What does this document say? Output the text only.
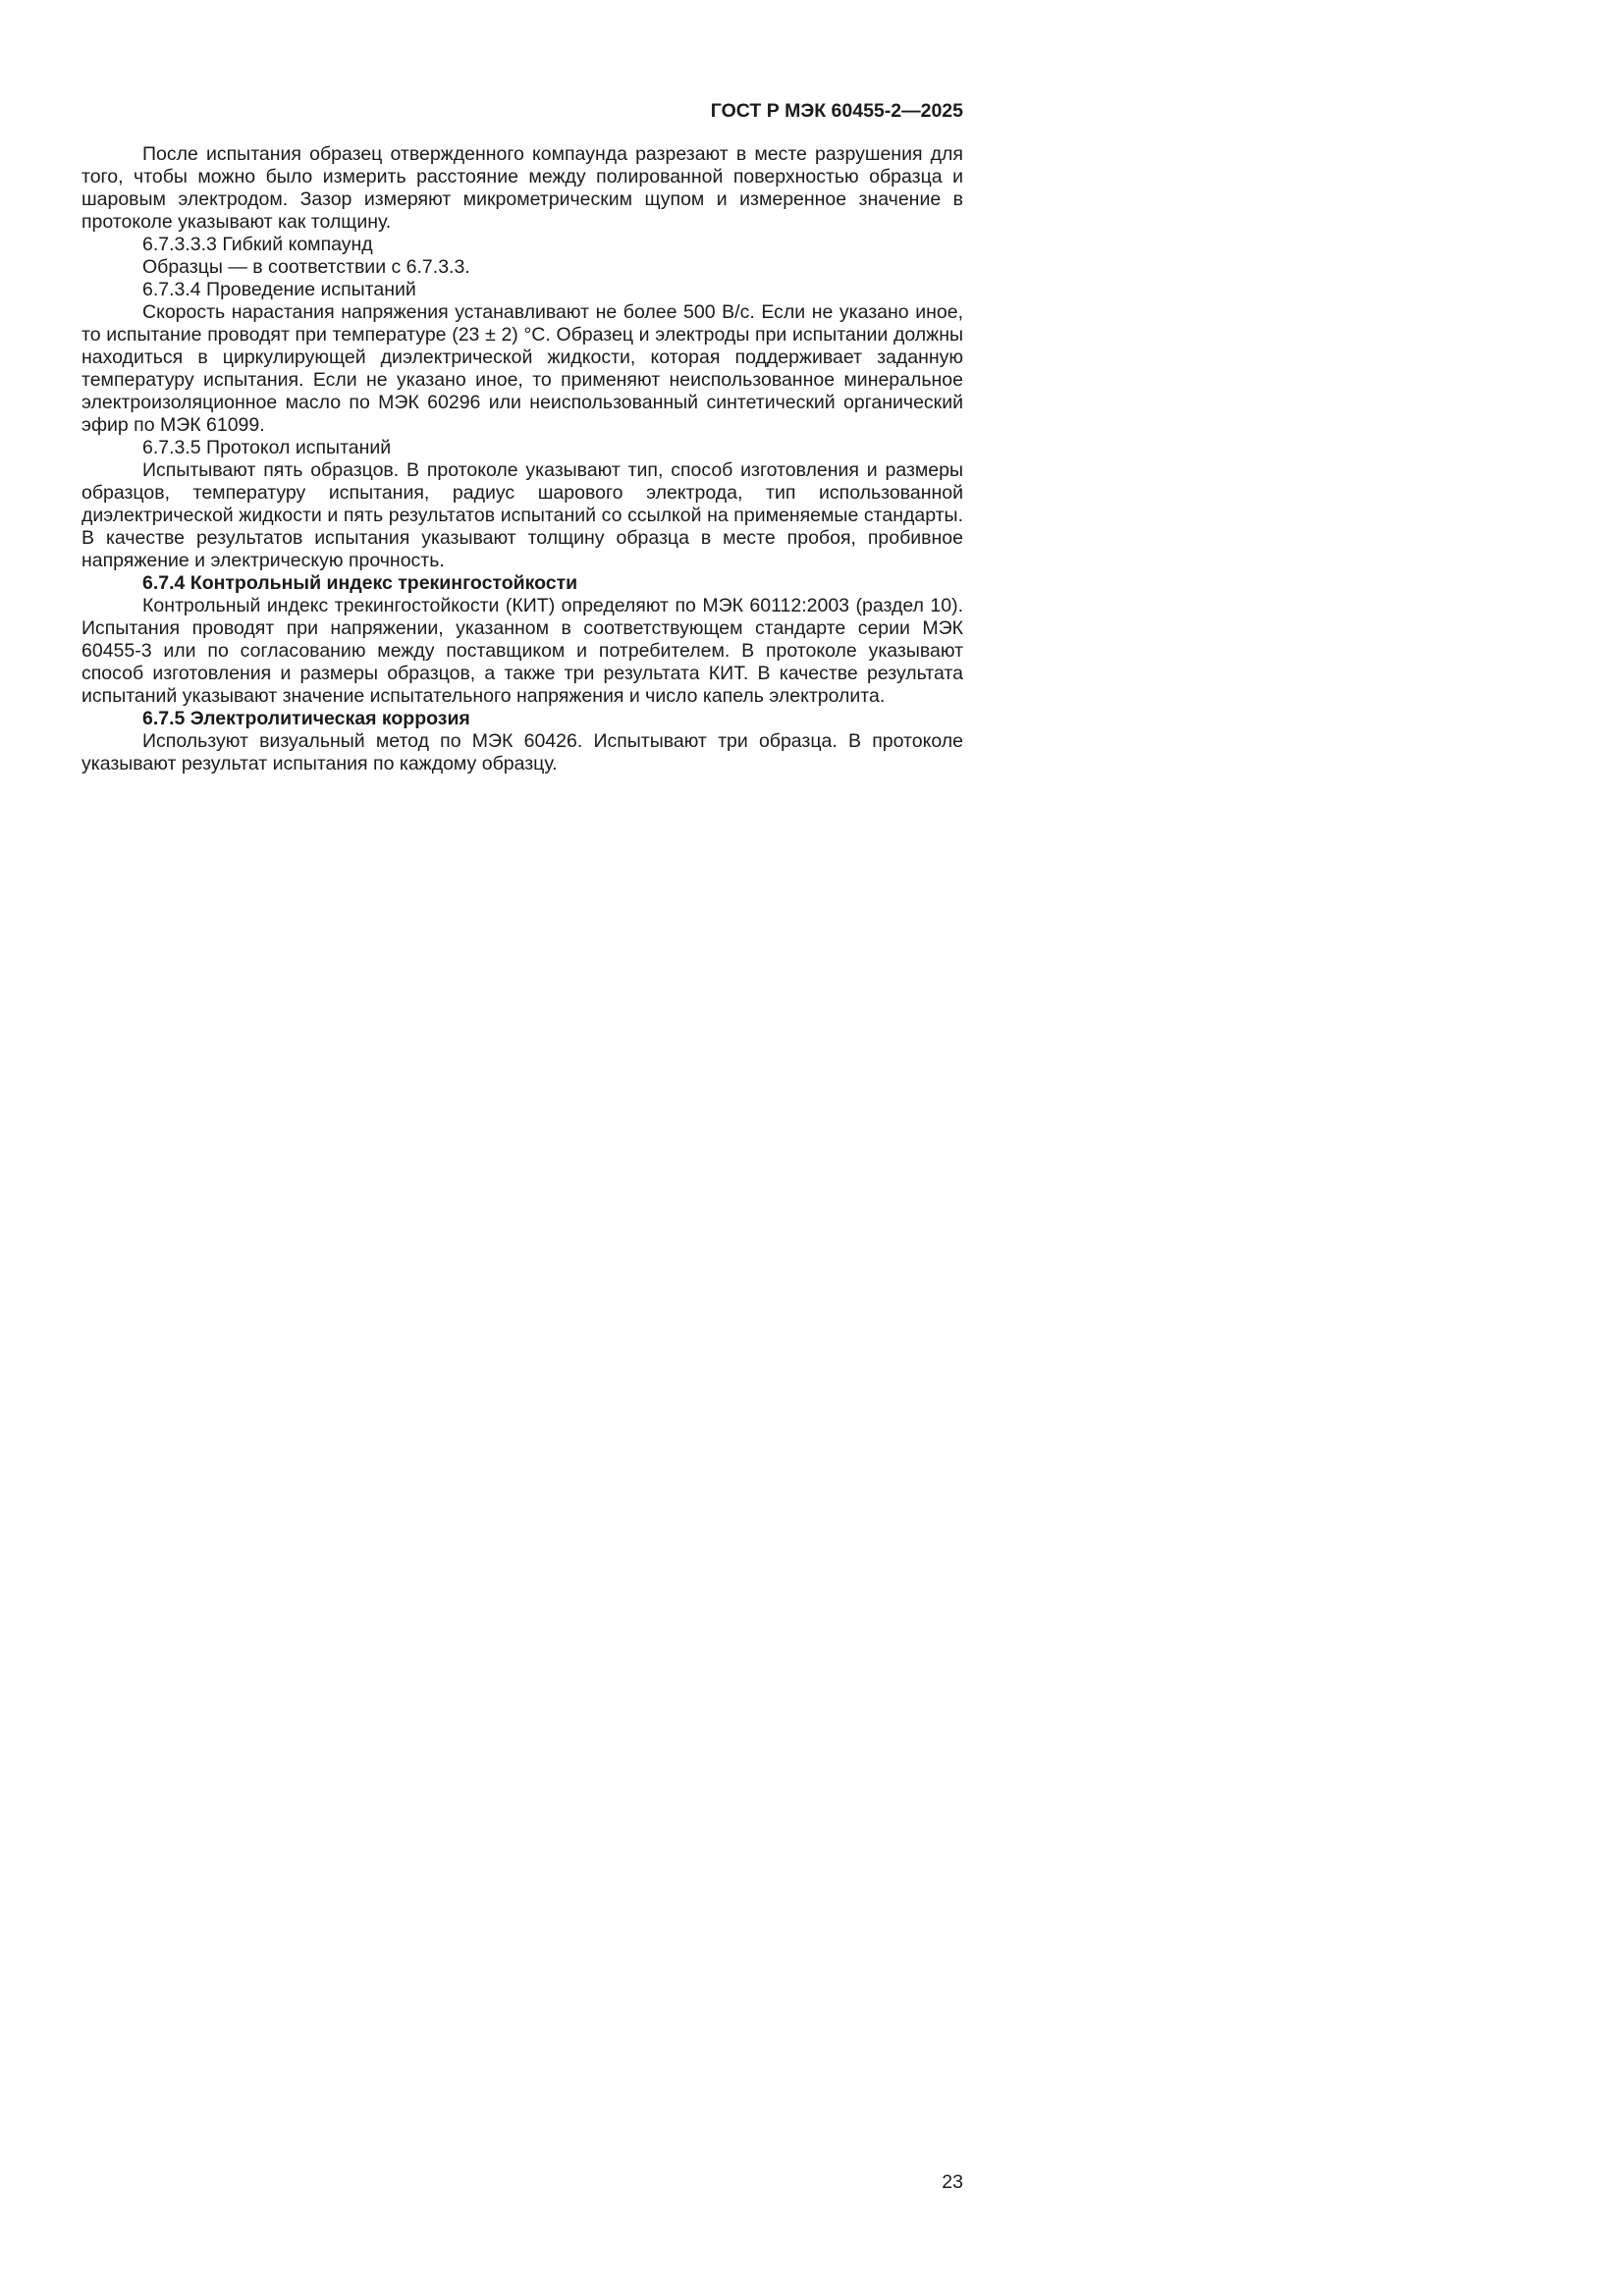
ГОСТ Р МЭК 60455-2—2025

После испытания образец отвержденного компаунда разрезают в месте разрушения для того, чтобы можно было измерить расстояние между полированной поверхностью образца и шаровым электродом. Зазор измеряют микрометрическим щупом и измеренное значение в протоколе указывают как толщину.

6.7.3.3.3 Гибкий компаунд

Образцы — в соответствии с 6.7.3.3.

6.7.3.4 Проведение испытаний

Скорость нарастания напряжения устанавливают не более 500 В/с. Если не указано иное, то испытание проводят при температуре (23 ± 2) °С. Образец и электроды при испытании должны находиться в циркулирующей диэлектрической жидкости, которая поддерживает заданную температуру испытания. Если не указано иное, то применяют неиспользованное минеральное электроизоляционное масло по МЭК 60296 или неиспользованный синтетический органический эфир по МЭК 61099.

6.7.3.5 Протокол испытаний

Испытывают пять образцов. В протоколе указывают тип, способ изготовления и размеры образцов, температуру испытания, радиус шарового электрода, тип использованной диэлектрической жидкости и пять результатов испытаний со ссылкой на применяемые стандарты. В качестве результатов испытания указывают толщину образца в месте пробоя, пробивное напряжение и электрическую прочность.

6.7.4 Контрольный индекс трекингостойкости

Контрольный индекс трекингостойкости (КИТ) определяют по МЭК 60112:2003 (раздел 10). Испытания проводят при напряжении, указанном в соответствующем стандарте серии МЭК 60455-3 или по согласованию между поставщиком и потребителем. В протоколе указывают способ изготовления и размеры образцов, а также три результата КИТ. В качестве результата испытаний указывают значение испытательного напряжения и число капель электролита.

6.7.5 Электролитическая коррозия

Используют визуальный метод по МЭК 60426. Испытывают три образца. В протоколе указывают результат испытания по каждому образцу.

23
